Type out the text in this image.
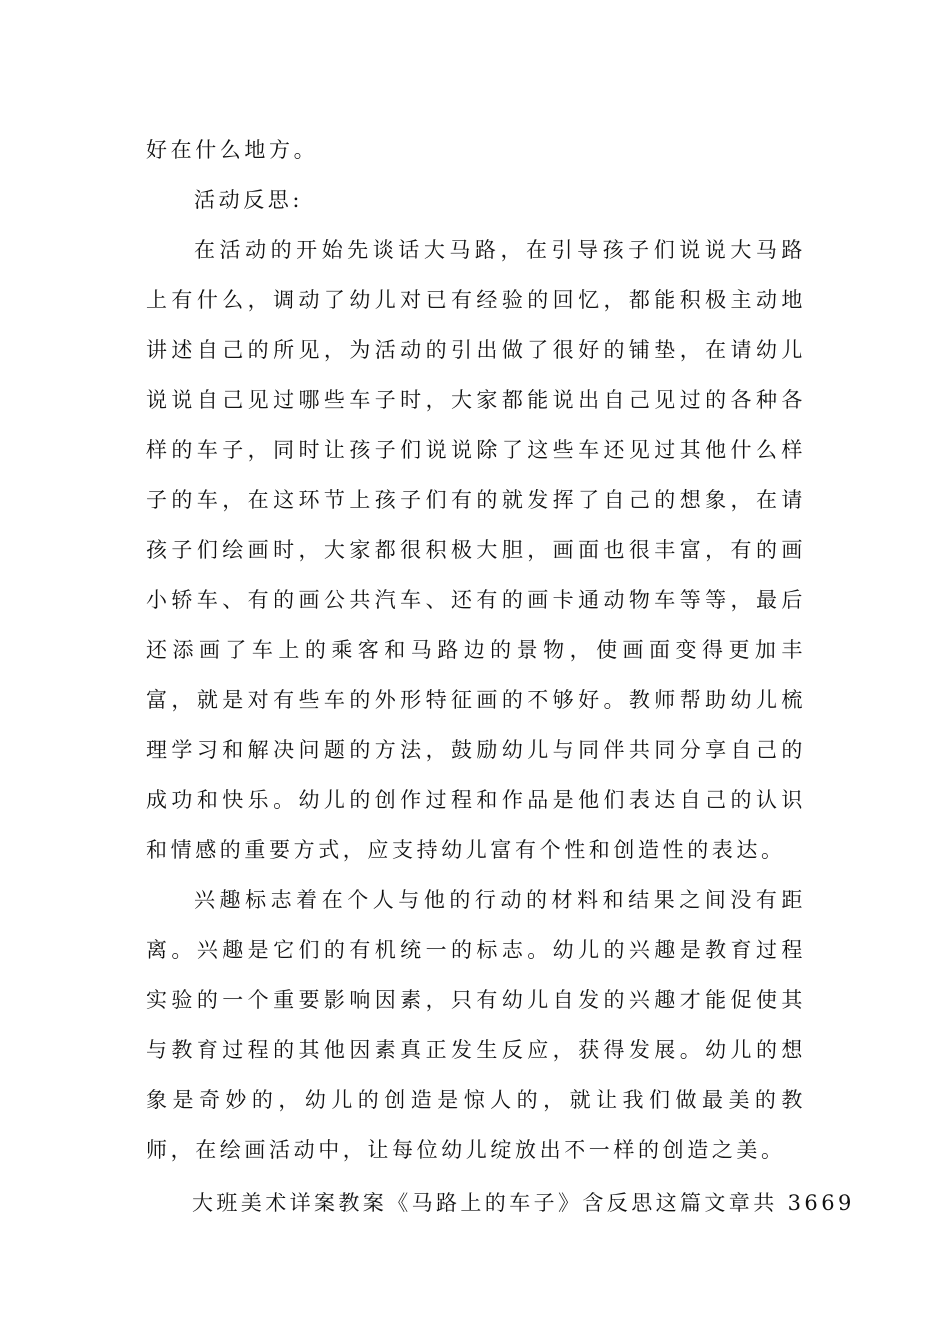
好在什么地方。

活动反思:

在活动的开始先谈话大马路，在引导孩子们说说大马路上有什么，调动了幼儿对已有经验的回忆，都能积极主动地讲述自己的所见，为活动的引出做了很好的铺垫，在请幼儿说说自己见过哪些车子时，大家都能说出自己见过的各种各样的车子，同时让孩子们说说除了这些车还见过其他什么样子的车，在这环节上孩子们有的就发挥了自己的想象，在请孩子们绘画时，大家都很积极大胆，画面也很丰富，有的画小轿车、有的画公共汽车、还有的画卡通动物车等等，最后还添画了车上的乘客和马路边的景物，使画面变得更加丰富，就是对有些车的外形特征画的不够好。教师帮助幼儿梳理学习和解决问题的方法，鼓励幼儿与同伴共同分享自己的成功和快乐。幼儿的创作过程和作品是他们表达自己的认识和情感的重要方式，应支持幼儿富有个性和创造性的表达。

兴趣标志着在个人与他的行动的材料和结果之间没有距离。兴趣是它们的有机统一的标志。幼儿的兴趣是教育过程实验的一个重要影响因素，只有幼儿自发的兴趣才能促使其与教育过程的其他因素真正发生反应，获得发展。幼儿的想象是奇妙的，幼儿的创造是惊人的，就让我们做最美的教师，在绘画活动中，让每位幼儿绽放出不一样的创造之美。

大班美术详案教案《马路上的车子》含反思这篇文章共 3669
